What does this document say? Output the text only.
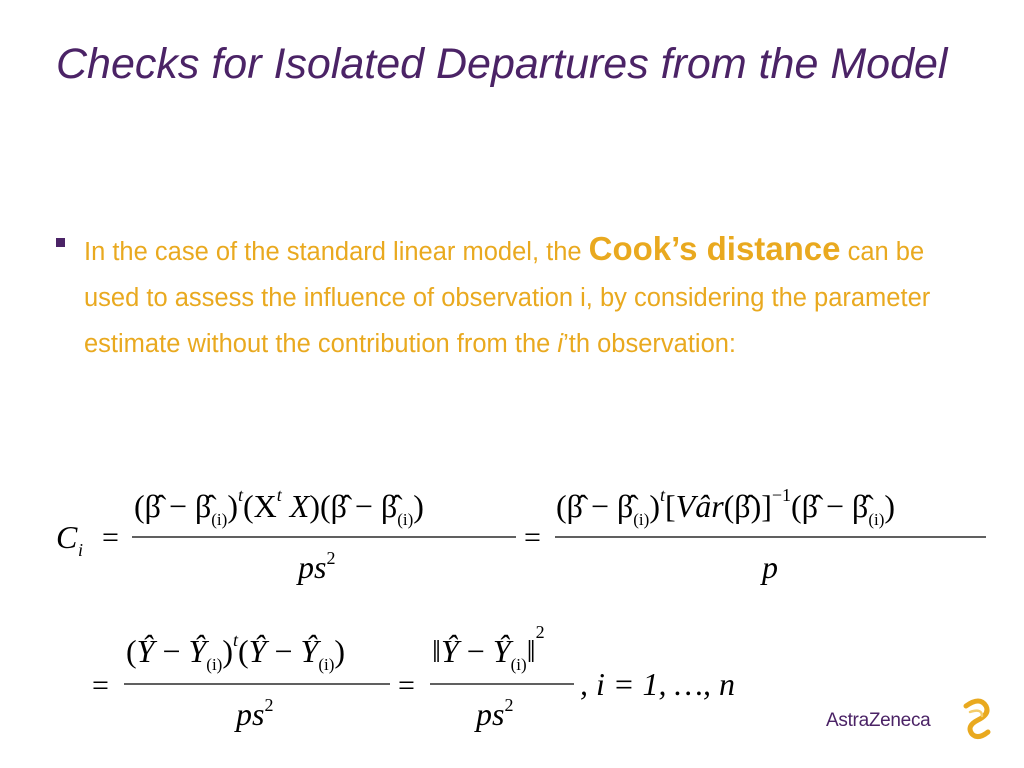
Checks for Isolated Departures from the Model
In the case of the standard linear model, the Cook’s distance can be used to assess the influence of observation i, by considering the parameter estimate without the contribution from the i’th observation:
C i =
(β̂ − $\betâ_{(i)})^t(X^t$ X)(β̂ − $\betâ_{(i)}$)
$ps^2$
=
(β̂ − $\betâ_{(i)})^t[Vâr(\betâ)]^{-1}(\betâ$ − $\betâ_{(i)}$)
p
=
(Ŷ − $Ŷ_{(i)})^t(Ŷ$ − $Ŷ_{(i)}$)
$ps^2$
=
‖Ŷ − $Ŷ_{(i)}‖^2$
$ps^2$
, i = 1, …, n
AstraZeneca
